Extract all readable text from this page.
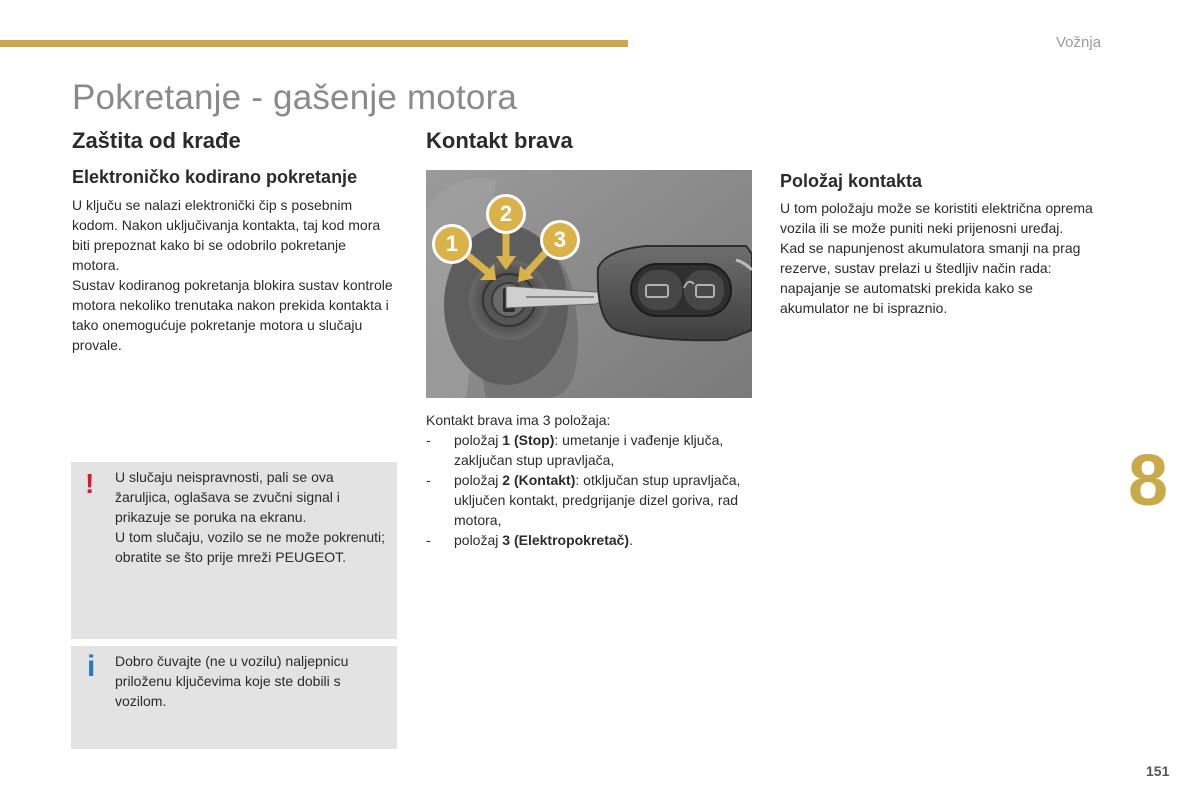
Vožnja
Pokretanje - gašenje motora
Zaštita od krađe
Elektroničko kodirano pokretanje

U ključu se nalazi elektronički čip s posebnim kodom. Nakon uključivanja kontakta, taj kod mora biti prepoznat kako bi se odobrilo pokretanje motora.

Sustav kodiranog pokretanja blokira sustav kontrole motora nekoliko trenutaka nakon prekida kontakta i tako onemogućuje pokretanje motora u slučaju provale.

! U slučaju neispravnosti, pali se ova žaruljica, oglašava se zvučni signal i prikazuje se poruka na ekranu.

U tom slučaju, vozilo se ne može pokrenuti; obratite se što prije mreži PEUGEOT.

i Dobro čuvajte (ne u vozilu) naljepnicu priloženu ključevima koje ste dobili s vozilom.

Kontakt brava
1
2
3

Kontakt brava ima 3 položaja:

- položaj 1 (Stop): umetanje i vađenje ključa, zaključan stup upravljača,
- položaj 2 (Kontakt): otključan stup upravljača, uključen kontakt, predgrijanje dizel goriva, rad motora,
- položaj 3 (Elektropokretač).
Položaj kontakta

U tom položaju može se koristiti električna oprema vozila ili se može puniti neki prijenosni uređaj.

Kad se napunjenost akumulatora smanji na prag rezerve, sustav prelazi u štedljiv način rada: napajanje se automatski prekida kako se akumulator ne bi ispraznio.

8
151
